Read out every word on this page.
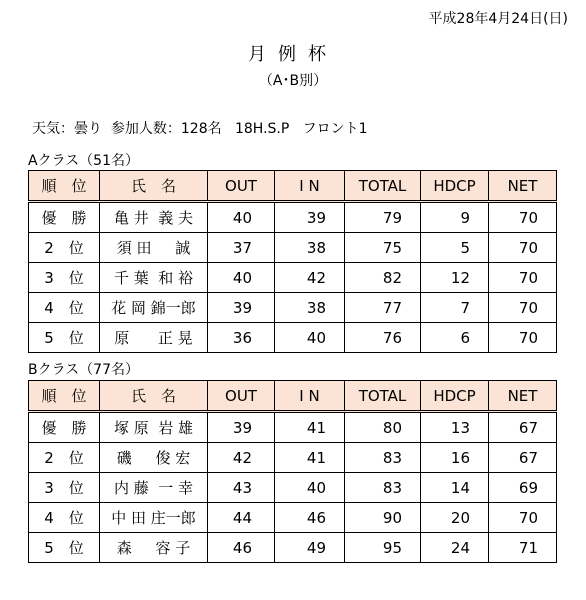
平成28年4月24日(日)
月例杯
（A･B別）
天気：曇り  参加人数：128名   18H.S.P   フロント1
Aクラス（51名）
順　位	氏　名	OUT	I N	TOTAL	HDCP	NET
優　勝	亀 井  義 夫	40	39	79	9	70
2　位	須 田     誠	37	38	75	5	70
3　位	千 葉  和 裕	40	42	82	12	70
4　位	花 岡 錦一郎	39	38	77	7	70
5　位	原      正 晃	36	40	76	6	70
Bクラス（77名）
順　位	氏　名	OUT	I N	TOTAL	HDCP	NET
優　勝	塚 原  岩 雄	39	41	80	13	67
2　位	磯     俊 宏	42	41	83	16	67
3　位	内 藤  一 幸	43	40	83	14	69
4　位	中 田 庄一郎	44	46	90	20	70
5　位	森     容 子	46	49	95	24	71
